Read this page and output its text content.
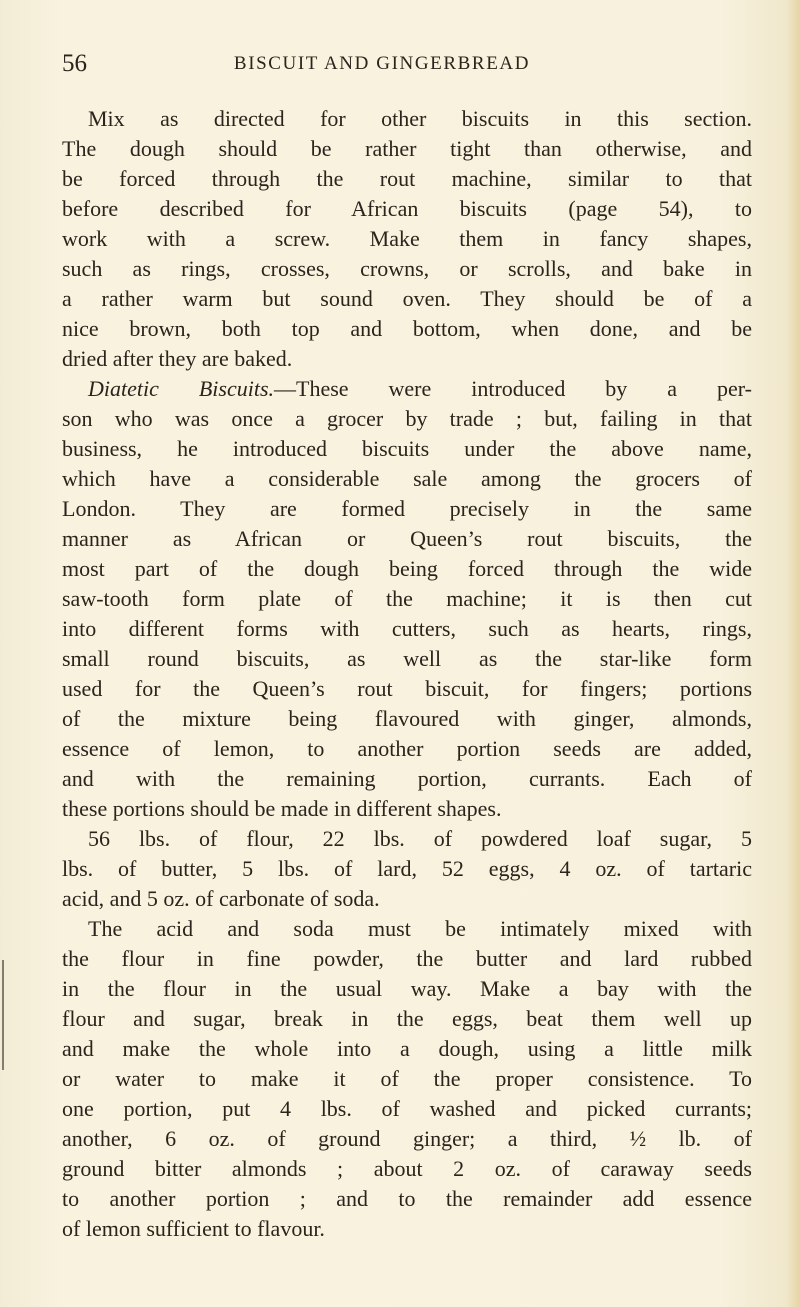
56	BISCUIT AND GINGERBREAD
Mix as directed for other biscuits in this section.
The dough should be rather tight than otherwise, and
be forced through the rout machine, similar to that
before described for African biscuits (page 54), to
work with a screw. Make them in fancy shapes,
such as rings, crosses, crowns, or scrolls, and bake in
a rather warm but sound oven. They should be of a
nice brown, both top and bottom, when done, and be
dried after they are baked.
Diatetic Biscuits.—These were introduced by a per-
son who was once a grocer by trade ; but, failing in that
business, he introduced biscuits under the above name,
which have a considerable sale among the grocers of
London. They are formed precisely in the same
manner as African or Queen’s rout biscuits, the
most part of the dough being forced through the wide
saw-tooth form plate of the machine; it is then cut
into different forms with cutters, such as hearts, rings,
small round biscuits, as well as the star-like form
used for the Queen’s rout biscuit, for fingers; portions
of the mixture being flavoured with ginger, almonds,
essence of lemon, to another portion seeds are added,
and with the remaining portion, currants. Each of
these portions should be made in different shapes.
56 lbs. of flour, 22 lbs. of powdered loaf sugar, 5
lbs. of butter, 5 lbs. of lard, 52 eggs, 4 oz. of tartaric
acid, and 5 oz. of carbonate of soda.
The acid and soda must be intimately mixed with
the flour in fine powder, the butter and lard rubbed
in the flour in the usual way. Make a bay with the
flour and sugar, break in the eggs, beat them well up
and make the whole into a dough, using a little milk
or water to make it of the proper consistence. To
one portion, put 4 lbs. of washed and picked currants;
another, 6 oz. of ground ginger; a third, ½ lb. of
ground bitter almonds ; about 2 oz. of caraway seeds
to another portion ; and to the remainder add essence
of lemon sufficient to flavour.
